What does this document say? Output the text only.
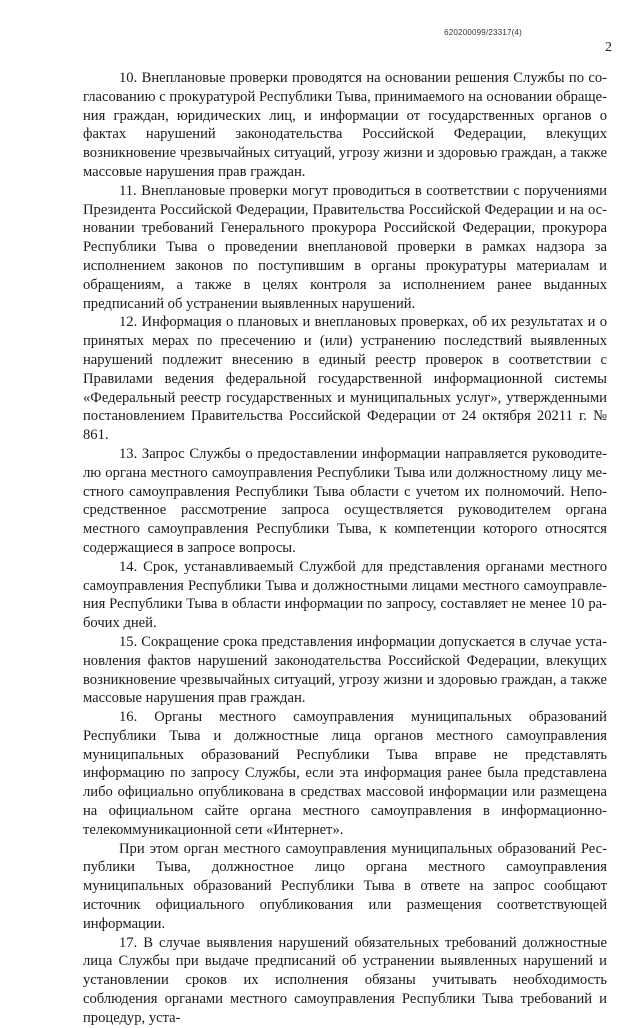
620200099/23317(4)
2

10. Внеплановые проверки проводятся на основании решения Службы по согласованию с прокуратурой Республики Тыва, принимаемого на основании обращения граждан, юридических лиц, и информации от государственных органов о фактах нарушений законодательства Российской Федерации, влекущих возникновение чрезвычайных ситуаций, угрозу жизни и здоровью граждан, а также массовые нарушения прав граждан.

11. Внеплановые проверки могут проводиться в соответствии с поручениями Президента Российской Федерации, Правительства Российской Федерации и на основании требований Генерального прокурора Российской Федерации, прокурора Республики Тыва о проведении внеплановой проверки в рамках надзора за исполнением законов по поступившим в органы прокуратуры материалам и обращениям, а также в целях контроля за исполнением ранее выданных предписаний об устранении выявленных нарушений.

12. Информация о плановых и внеплановых проверках, об их результатах и о принятых мерах по пресечению и (или) устранению последствий выявленных нарушений подлежит внесению в единый реестр проверок в соответствии с Правилами ведения федеральной государственной информационной системы «Федеральный реестр государственных и муниципальных услуг», утвержденными постановлением Правительства Российской Федерации от 24 октября 20211 г. № 861.

13. Запрос Службы о предоставлении информации направляется руководителю органа местного самоуправления Республики Тыва или должностному лицу местного самоуправления Республики Тыва области с учетом их полномочий. Непосредственное рассмотрение запроса осуществляется руководителем органа местного самоуправления Республики Тыва, к компетенции которого относятся содержащиеся в запросе вопросы.

14. Срок, устанавливаемый Службой для представления органами местного самоуправления Республики Тыва и должностными лицами местного самоуправления Республики Тыва в области информации по запросу, составляет не менее 10 рабочих дней.

15. Сокращение срока представления информации допускается в случае установления фактов нарушений законодательства Российской Федерации, влекущих возникновение чрезвычайных ситуаций, угрозу жизни и здоровью граждан, а также массовые нарушения прав граждан.

16. Органы местного самоуправления муниципальных образований Республики Тыва и должностные лица органов местного самоуправления муниципальных образований Республики Тыва вправе не представлять информацию по запросу Службы, если эта информация ранее была представлена либо официально опубликована в средствах массовой информации или размещена на официальном сайте органа местного самоуправления в информационно-телекоммуникационной сети «Интернет».

При этом орган местного самоуправления муниципальных образований Республики Тыва, должностное лицо органа местного самоуправления муниципальных образований Республики Тыва в ответе на запрос сообщают источник официального опубликования или размещения соответствующей информации.

17. В случае выявления нарушений обязательных требований должностные лица Службы при выдаче предписаний об устранении выявленных нарушений и установлении сроков их исполнения обязаны учитывать необходимость соблюдения органами местного самоуправления Республики Тыва требований и процедур, уста-
